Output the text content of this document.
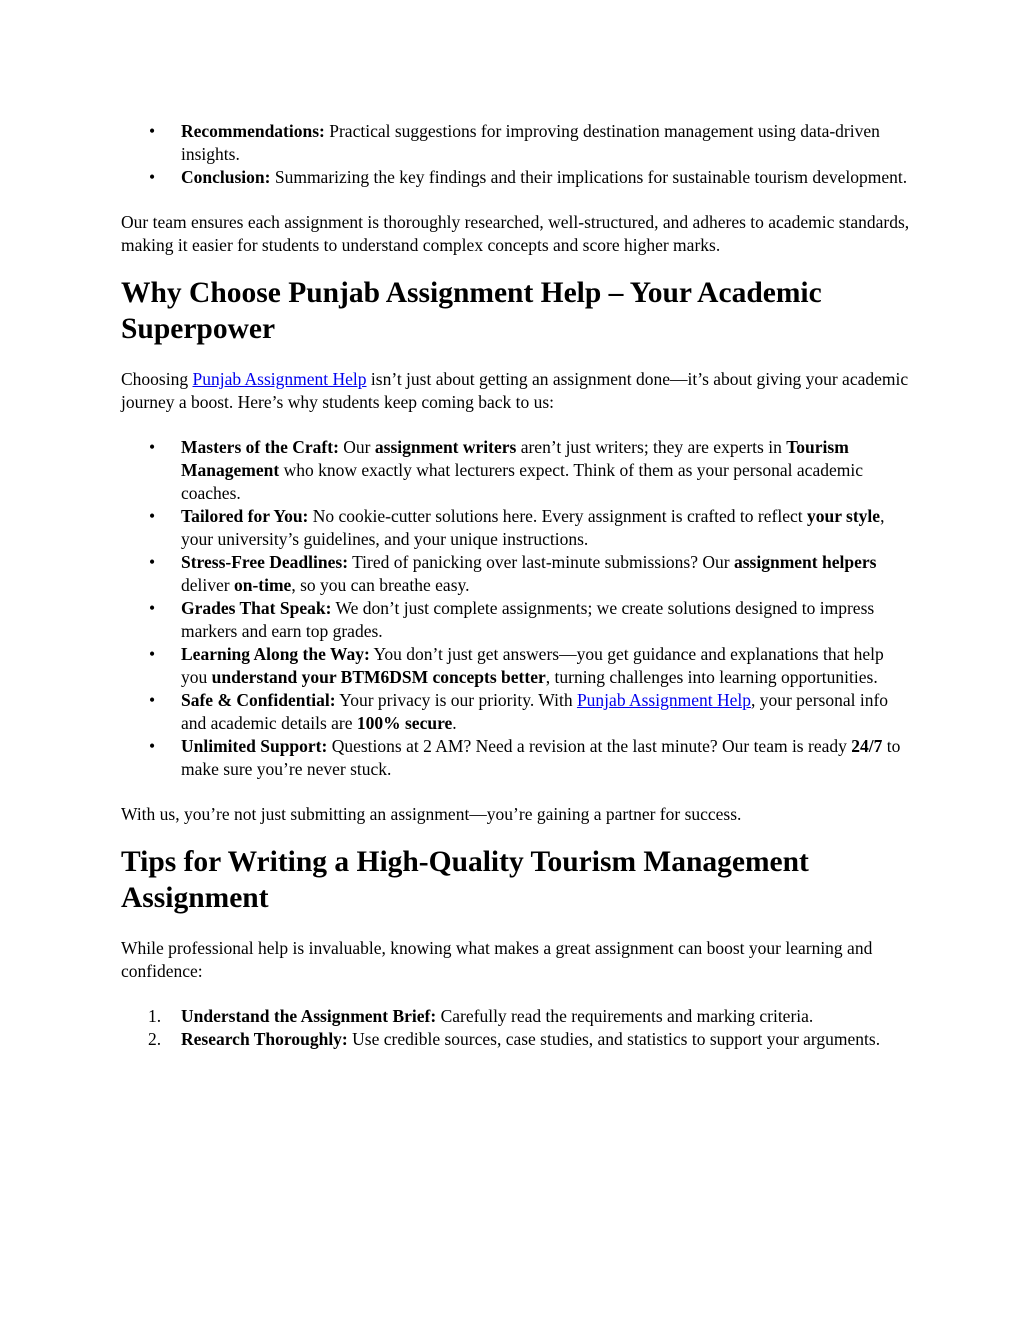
• Recommendations: Practical suggestions for improving destination management using data-driven insights.
• Conclusion: Summarizing the key findings and their implications for sustainable tourism development.

Our team ensures each assignment is thoroughly researched, well-structured, and adheres to academic standards, making it easier for students to understand complex concepts and score higher marks.

Why Choose Punjab Assignment Help – Your Academic Superpower

Choosing Punjab Assignment Help isn’t just about getting an assignment done—it’s about giving your academic journey a boost. Here’s why students keep coming back to us:

• Masters of the Craft: Our assignment writers aren’t just writers; they are experts in Tourism Management who know exactly what lecturers expect. Think of them as your personal academic coaches.
• Tailored for You: No cookie-cutter solutions here. Every assignment is crafted to reflect your style, your university’s guidelines, and your unique instructions.
• Stress-Free Deadlines: Tired of panicking over last-minute submissions? Our assignment helpers deliver on-time, so you can breathe easy.
• Grades That Speak: We don’t just complete assignments; we create solutions designed to impress markers and earn top grades.
• Learning Along the Way: You don’t just get answers—you get guidance and explanations that help you understand your BTM6DSM concepts better, turning challenges into learning opportunities.
• Safe & Confidential: Your privacy is our priority. With Punjab Assignment Help, your personal info and academic details are 100% secure.
• Unlimited Support: Questions at 2 AM? Need a revision at the last minute? Our team is ready 24/7 to make sure you’re never stuck.

With us, you’re not just submitting an assignment—you’re gaining a partner for success.

Tips for Writing a High-Quality Tourism Management Assignment

While professional help is invaluable, knowing what makes a great assignment can boost your learning and confidence:

1. Understand the Assignment Brief: Carefully read the requirements and marking criteria.
2. Research Thoroughly: Use credible sources, case studies, and statistics to support your arguments.
